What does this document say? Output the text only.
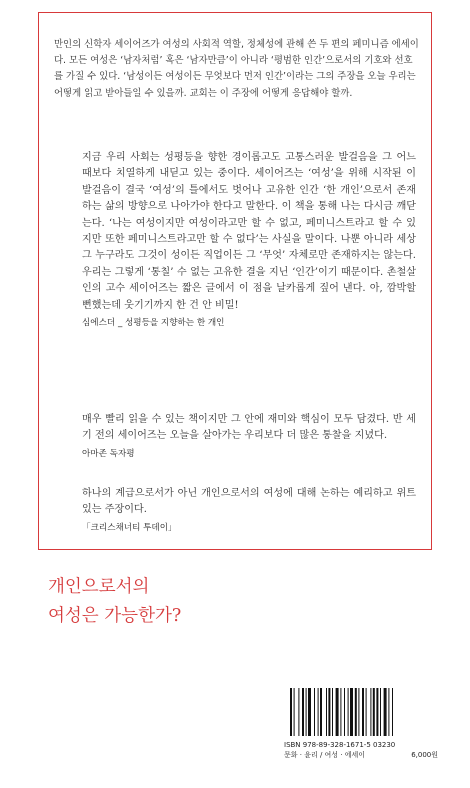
만인의 신학자 세이어즈가 여성의 사회적 역할, 정체성에 관해 쓴 두 편의 페미니즘 에세이다. 모든 여성은 ‘남자처럼’ 혹은 ‘남자만큼’이 아니라 ‘평범한 인간’으로서의 기호와 선호를 가질 수 있다. ‘남성이든 여성이든 무엇보다 먼저 인간’이라는 그의 주장을 오늘 우리는 어떻게 읽고 받아들일 수 있을까. 교회는 이 주장에 어떻게 응답해야 할까.

지금 우리 사회는 성평등을 향한 경이롭고도 고통스러운 발걸음을 그 어느 때보다 치열하게 내딛고 있는 중이다. 세이어즈는 ‘여성’을 위해 시작된 이 발걸음이 결국 ‘여성’의 틀에서도 벗어나 고유한 인간 ‘한 개인’으로서 존재하는 삶의 방향으로 나아가야 한다고 말한다. 이 책을 통해 나는 다시금 깨닫는다. ‘나는 여성이지만 여성이라고만 할 수 없고, 페미니스트라고 할 수 있지만 또한 페미니스트라고만 할 수 없다’는 사실을 말이다. 나뿐 아니라 세상 그 누구라도 그것이 성이든 직업이든 그 ‘무엇’ 자체로만 존재하지는 않는다. 우리는 그렇게 ‘통칠’ 수 없는 고유한 결을 지닌 ‘인간’이기 때문이다. 촌철살인의 고수 세이어즈는 짧은 글에서 이 점을 날카롭게 짚어 낸다. 아, 깜박할 뻔했는데 웃기기까지 한 건 안 비밀!

심에스더 _ 성평등을 지향하는 한 개인

매우 빨리 읽을 수 있는 책이지만 그 안에 재미와 핵심이 모두 담겼다. 반 세기 전의 세이어즈는 오늘을 살아가는 우리보다 더 많은 통찰을 지녔다.

아마존 독자평

하나의 계급으로서가 아닌 개인으로서의 여성에 대해 논하는 예리하고 위트 있는 주장이다.

「크리스채너티 투데이」

개인으로서의
여성은 가능한가?
ISBN 978-89-328-1671-5 03230
문화 · 윤리 / 여성 · 에세이	6,000원
